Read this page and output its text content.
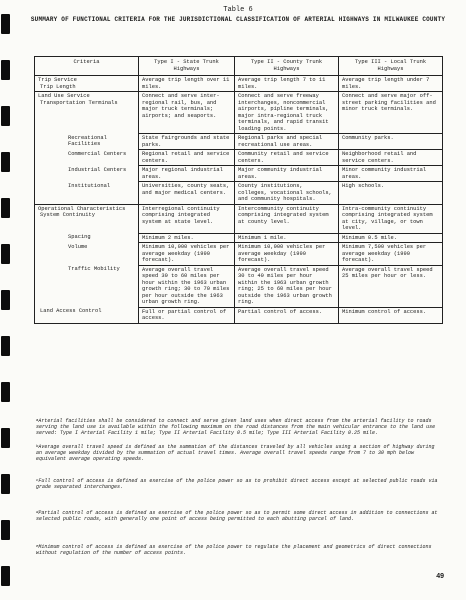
Table 6
SUMMARY OF FUNCTIONAL CRITERIA FOR THE JURISDICTIONAL CLASSIFICATION OF ARTERIAL HIGHWAYS IN MILWAUKEE COUNTY
Criteria	Type I - State Trunk Highways	Type II - County Trunk Highways	Type III - Local Trunk Highways

Trip Service
Trip Length	Average trip length over 11 miles.	Average trip length 7 to 11 miles.	Average trip length under 7 miles.

Land Use Service
Transportation Terminals	Connect and serve inter-regional rail, bus, and major truck terminals; airports; and seaports.	Connect and serve freeway interchanges, noncommercial airports, pipline terminals, major intra-regional truck terminals, and rapid transit loading points.	Connect and serve major off-street parking facilities and minor truck terminals.

Recreational Facilities	State fairgrounds and state parks.	Regional parks and special recreational use areas.	Community parks.

Commercial Centers	Regional retail and service centers.	Community retail and service centers.	Neighborhood retail and service centers.

Industrial Centers	Major regional industrial areas.	Major community industrial areas.	Minor community industrial areas.

Institutional	Universities, county seats, and major medical centers.	County institutions, colleges, vocational schools, and community hospitals.	High schools.

Operational Characteristics
System Continuity	Interregional continuity comprising integrated system at state level.	Intercommunity continuity comprising integrated system at county level.	Intra-community continuity comprising integrated system at city, village, or town level.

Spacing	Minimum 2 miles.	Minimum 1 mile.	Minimum 0.5 mile.

Volume	Minimum 10,000 vehicles per average weekday (1990 forecast).	Minimum 10,000 vehicles per average weekday (1990 forecast).	Minimum 7,500 vehicles per average weekday (1990 forecast).

Traffic Mobility	Average overall travel speed 30 to 60 miles per hour within the 1963 urban growth ring; 30 to 70 miles per hour outside the 1963 urban growth ring.	Average overall travel speed 30 to 40 miles per hour within the 1963 urban growth ring; 25 to 60 miles per hour outside the 1963 urban growth ring.	Average overall travel speed 25 miles per hour or less.

Land Access Control	Full or partial control of access.	Partial control of access.	Minimum control of access.

$^a$Arterial facilities shall be considered to connect and serve given land uses when direct access from the arterial facility to roads serving the land use is available within the following maximum on the road distances from the main vehicular entrance to the land use served: Type I Arterial Facility 1 mile; Type II Arterial Facility 0.5 mile; Type III Arterial Facility 0.25 mile.

$^b$Average overall travel speed is defined as the summation of the distances traveled by all vehicles using a section of highway during an average weekday divided by the summation of actual travel times. Average overall travel speeds range from 7 to 30 mph below equivalent average operating speeds.

$^c$Full control of access is defined as exercise of the police power so as to prohibit direct access except at selected public roads via grade separated interchanges.

$^d$Partial control of access is defined as exercise of the police power so as to permit some direct access in addition to connections at selected public roads, with generally one point of access being permitted to each abutting parcel of land.

$^e$Minimum control of access is defined as exercise of the police power to regulate the placement and geometrics of direct connections without regulation of the number of access points.

49
